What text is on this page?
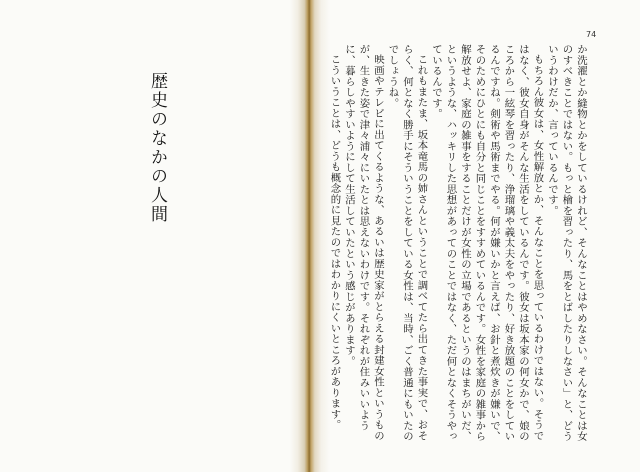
歴史のなかの人間
74

か洗濯とか縫物とかをしているけれど、そんなことはやめなさい。そんなことは女のすべきことではない。もっと檜を習ったり、馬をとばしたりしなさい」と、どういうわけだか、言っているんです。

もちろん彼女は、女性解放とか、そんなことを思っているわけではない。そうではなく、彼女自身がそんな生活をしているんです。彼女は坂本家の何女かで、娘のころから一絃琴を習ったり、浄瑠璃や義太夫をやったり、好き放題のことをしているんですね。剣術や馬術までやる。何が嫌いかと言えば、お針と煮炊きが嫌いで、そのためにひとにも自分と同じことをすすめているんです。女性を家庭の雑事から解放せよ、家庭の雑事をすることだけが女性の立場であるというのはまちがいだ、というような、ハッキリした思想があってのことではなく、ただ何となくそうやっているんです。

これもまたま、坂本竜馬の姉さんということで調べてたら出てきた事実で、おそらく、何となく勝手にそういうことをしている女性は、当時、ごく普通にもいたのでしょうね。

映画やテレビに出てくるような、あるいは歴史家がとらえる封建女性というものが、生きた姿で津々浦々にいたとは思えないわけです。それぞれが住みいいように、暮らしやすいようにして生活していたという感じがあります。

こういうことは、どうも概念的に見たのではわかりにくいところがあります。
